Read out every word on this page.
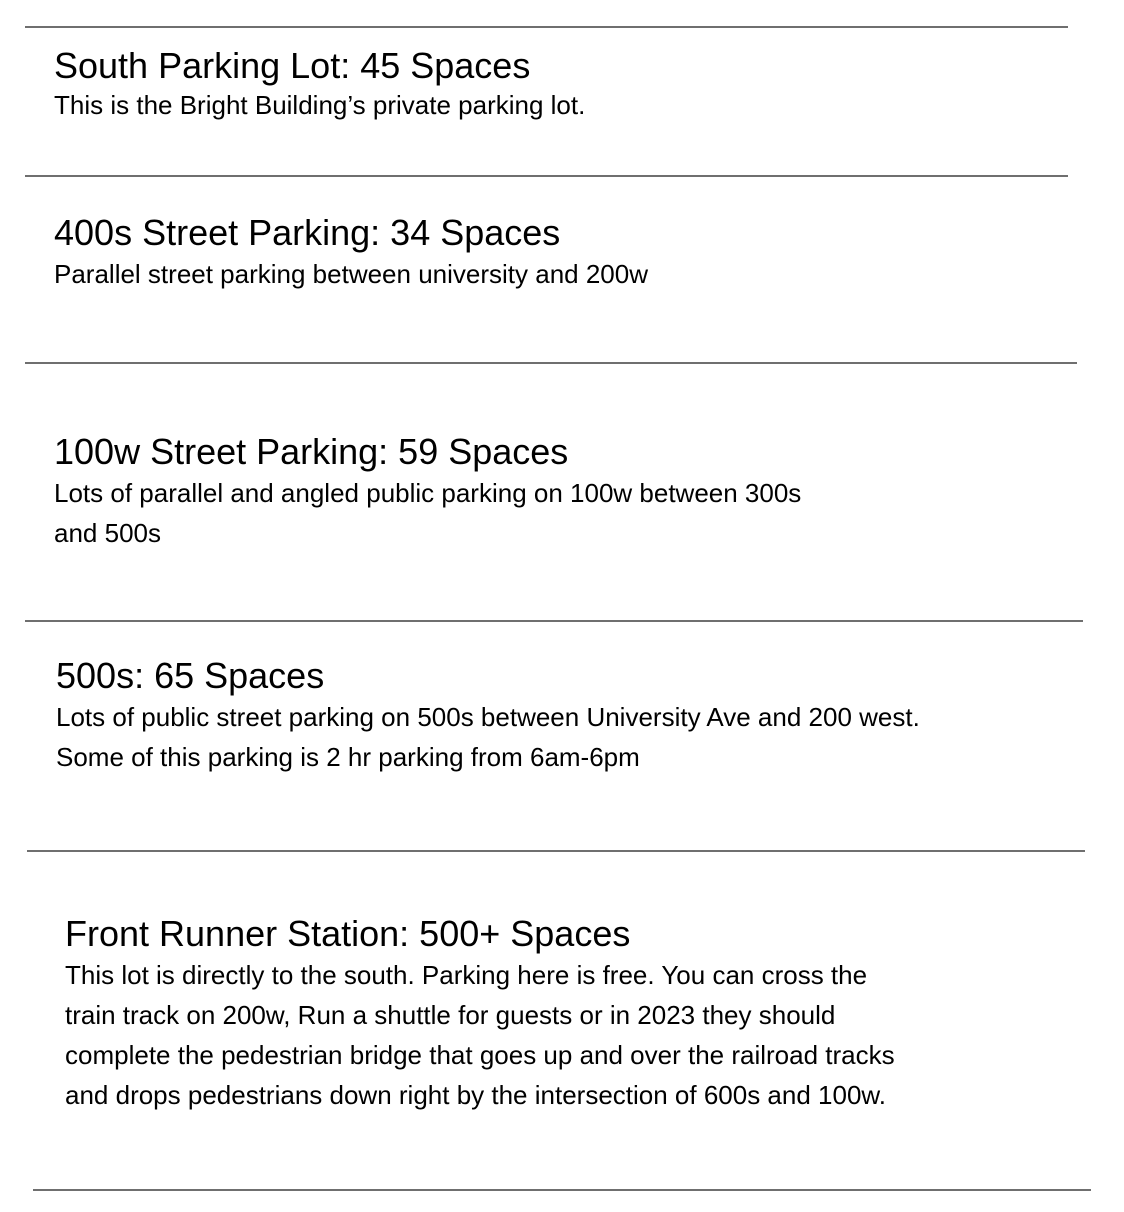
South Parking Lot: 45 Spaces
This is the Bright Building’s private parking lot.
400s Street Parking: 34 Spaces
Parallel street parking between university and 200w
100w Street Parking: 59 Spaces
Lots of parallel and angled public parking on 100w between 300s
and 500s
500s: 65 Spaces
Lots of public street parking on 500s between University Ave and 200 west.
Some of this parking is 2 hr parking from 6am-6pm
Front Runner Station: 500+ Spaces
This lot is directly to the south. Parking here is free. You can cross the
train track on 200w, Run a shuttle for guests or in 2023 they should
complete the pedestrian bridge that goes up and over the railroad tracks
and drops pedestrians down right by the intersection of 600s and 100w.
